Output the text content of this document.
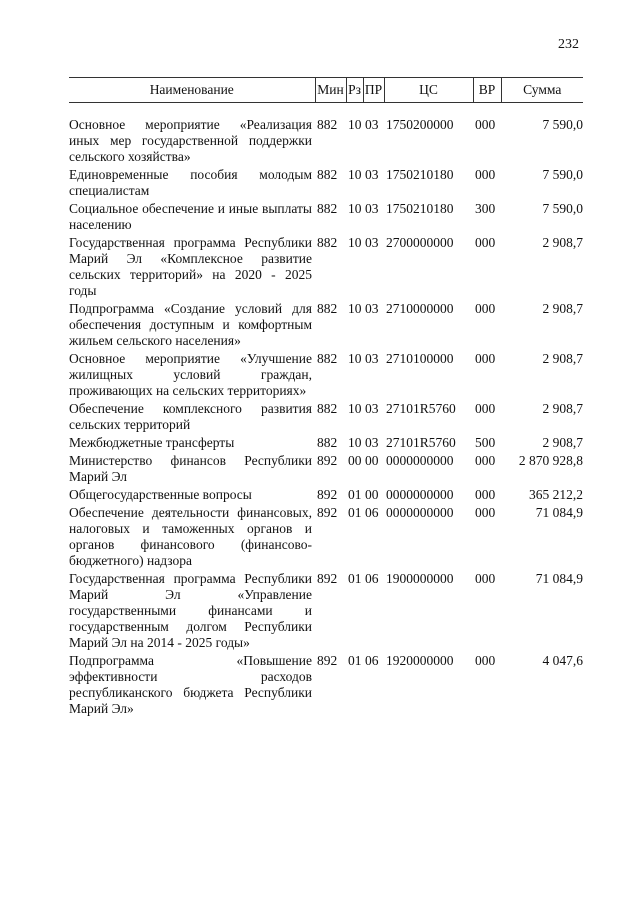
232
Наименование	Мин	Рз	ПР	ЦС	ВР	Сумма

Основное мероприятие «Реализация иных мер государственной поддержки сельского хозяйства»	882	10	03	1750200000	000	7 590,0
Единовременные пособия молодым специалистам	882	10	03	1750210180	000	7 590,0
Социальное обеспечение и иные выплаты населению	882	10	03	1750210180	300	7 590,0
Государственная программа Республики Марий Эл «Комплексное развитие сельских территорий» на 2020 - 2025 годы	882	10	03	2700000000	000	2 908,7
Подпрограмма «Создание условий для обеспечения доступным и комфортным жильем сельского населения»	882	10	03	2710000000	000	2 908,7
Основное мероприятие «Улучшение жилищных условий граждан, проживающих на сельских территориях»	882	10	03	2710100000	000	2 908,7
Обеспечение комплексного развития сельских территорий	882	10	03	27101R5760	000	2 908,7
Межбюджетные трансферты	882	10	03	27101R5760	500	2 908,7
Министерство финансов Республики Марий Эл	892	00	00	0000000000	000	2 870 928,8
Общегосударственные вопросы	892	01	00	0000000000	000	365 212,2
Обеспечение деятельности финансовых, налоговых и таможенных органов и органов финансового (финансово-бюджетного) надзора	892	01	06	0000000000	000	71 084,9
Государственная программа Республики Марий Эл «Управление государственными финансами и государственным долгом Республики Марий Эл на 2014 - 2025 годы»	892	01	06	1900000000	000	71 084,9
Подпрограмма «Повышение эффективности расходов республиканского бюджета Республики Марий Эл»	892	01	06	1920000000	000	4 047,6
